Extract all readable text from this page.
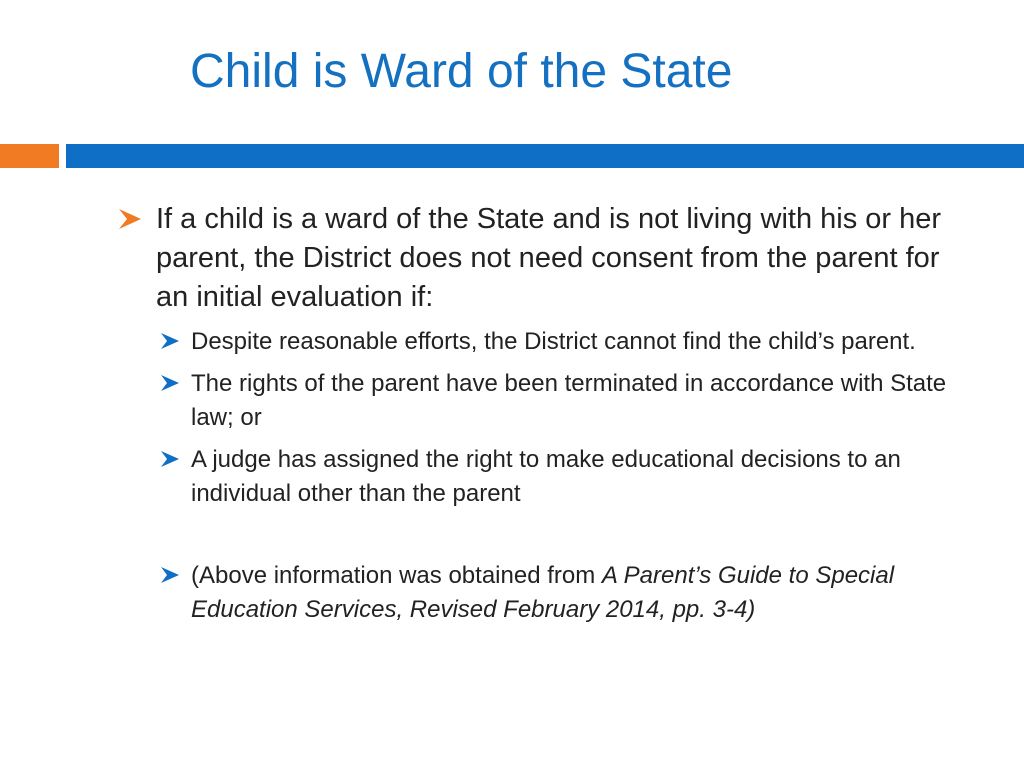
Child is Ward of the State
If a child is a ward of the State and is not living with his or her parent, the District does not need consent from the parent for an initial evaluation if:
Despite reasonable efforts, the District cannot find the child’s parent.
The rights of the parent have been terminated in accordance with State law; or
A judge has assigned the right to make educational decisions to an individual other than the parent
(Above information was obtained from A Parent’s Guide to Special Education Services, Revised February 2014, pp. 3-4)
